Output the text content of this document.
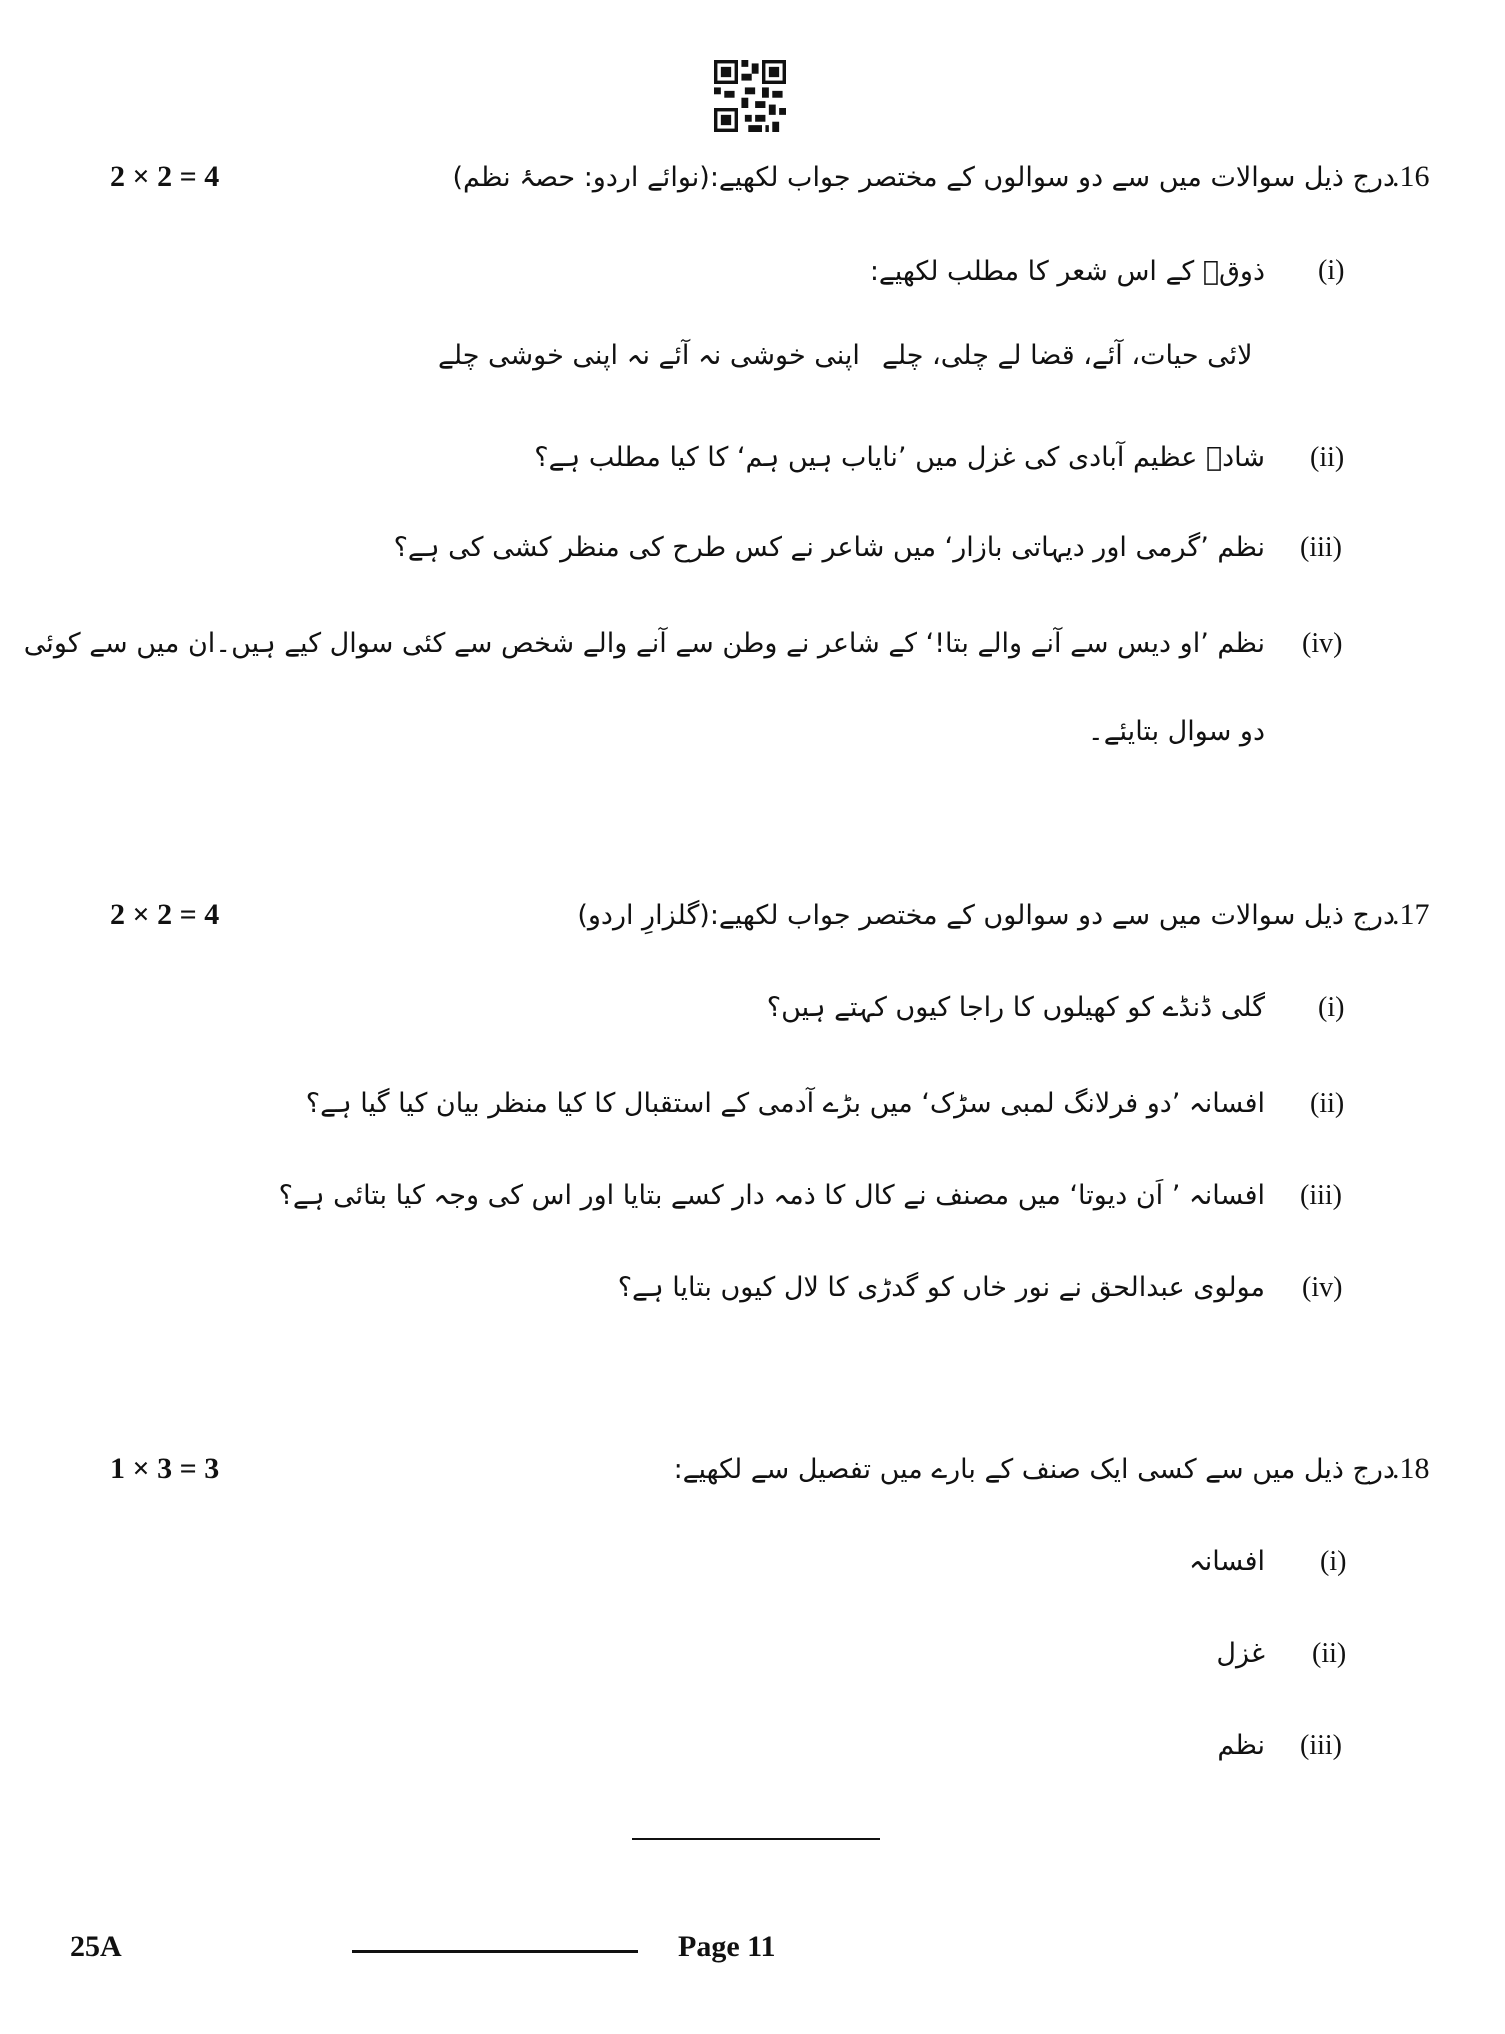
2 × 2 = 4	.16
درج ذیل سوالات میں سے دو سوالوں کے مختصر جواب لکھیے:(نوائے اردو: حصۂ نظم)
(i)
ذوقؔ کے اس شعر کا مطلب لکھیے:
اپنی خوشی نہ آئے نہ اپنی خوشی چلے لائی حیات، آئے، قضا لے چلی، چلے
(ii)
شادؔ عظیم آبادی کی غزل میں ’نایاب ہیں ہم‘ کا کیا مطلب ہے؟
(iii)
نظم ’گرمی اور دیہاتی بازار‘ میں شاعر نے کس طرح کی منظر کشی کی ہے؟
(iv)
نظم ’او دیس سے آنے والے بتا!‘ کے شاعر نے وطن سے آنے والے شخص سے کئی سوال کیے ہیں۔ان میں سے کوئی
دو سوال بتایئے۔
2 × 2 = 4	.17
درج ذیل سوالات میں سے دو سوالوں کے مختصر جواب لکھیے:(گلزارِ اردو)
(i)
گلی ڈنڈے کو کھیلوں کا راجا کیوں کہتے ہیں؟
(ii)
افسانہ ’دو فرلانگ لمبی سڑک‘ میں بڑے آدمی کے استقبال کا کیا منظر بیان کیا گیا ہے؟
(iii)
افسانہ ’ اَن دیوتا‘ میں مصنف نے کال کا ذمہ دار کسے بتایا اور اس کی وجہ کیا بتائی ہے؟
(iv)
مولوی عبدالحق نے نور خاں کو گدڑی کا لال کیوں بتایا ہے؟
1 × 3 = 3	.18
درج ذیل میں سے کسی ایک صنف کے بارے میں تفصیل سے لکھیے:
(i)
افسانہ
(ii)
غزل
(iii)
نظم
25A	Page 11
